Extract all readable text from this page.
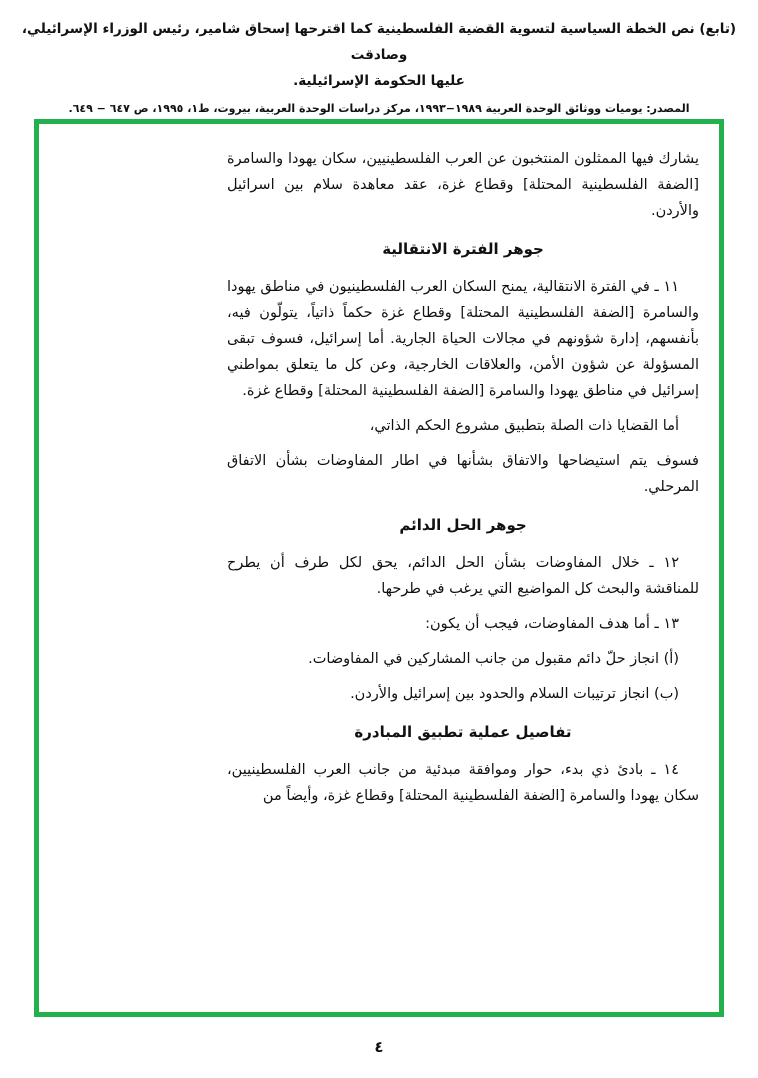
(تابع) نص الخطة السياسية لتسوية القضية الفلسطينية كما اقترحها إسحاق شامير، رئيس الوزراء الإسرائيلي، وصادقت
عليها الحكومة الإسرائيلية.
المصدر: يوميات ووثائق الوحدة العربية ١٩٨٩−١٩٩٣، مركز دراسات الوحدة العربية، بيروت، ط١، ١٩٩٥، ص ٦٤٧ − ٦٤٩.
يشارك فيها الممثلون المنتخبون عن العرب الفلسطينيين، سكان يهودا والسامرة [الضفة الفلسطينية المحتلة] وقطاع غزة، عقد معاهدة سلام بين اسرائيل والأردن.
جوهر الفترة الانتقالية
١١ ـ في الفترة الانتقالية، يمنح السكان العرب الفلسطينيون في مناطق يهودا والسامرة [الضفة الفلسطينية المحتلة] وقطاع غزة حكماً ذاتياً، يتولّون فيه، بأنفسهم، إدارة شؤونهم في مجالات الحياة الجارية. أما إسرائيل، فسوف تبقى المسؤولة عن شؤون الأمن، والعلاقات الخارجية، وعن كل ما يتعلق بمواطني إسرائيل في مناطق يهودا والسامرة [الضفة الفلسطينية المحتلة] وقطاع غزة.
أما القضايا ذات الصلة بتطبيق مشروع الحكم الذاتي،
فسوف يتم استيضاحها والاتفاق بشأنها في اطار المفاوضات بشأن الاتفاق المرحلي.
جوهر الحل الدائم
١٢ ـ خلال المفاوضات بشأن الحل الدائم، يحق لكل طرف أن يطرح للمناقشة والبحث كل المواضيع التي يرغب في طرحها.
١٣ ـ أما هدف المفاوضات، فيجب أن يكون:
(أ) انجاز حلّ دائم مقبول من جانب المشاركين في المفاوضات.
(ب) انجاز ترتيبات السلام والحدود بين إسرائيل والأردن.
تفاصيل عملية تطبيق المبادرة
١٤ ـ بادئ ذي بدء، حوار وموافقة مبدئية من جانب العرب الفلسطينيين، سكان يهودا والسامرة [الضفة الفلسطينية المحتلة] وقطاع غزة، وأيضاً من
٤
